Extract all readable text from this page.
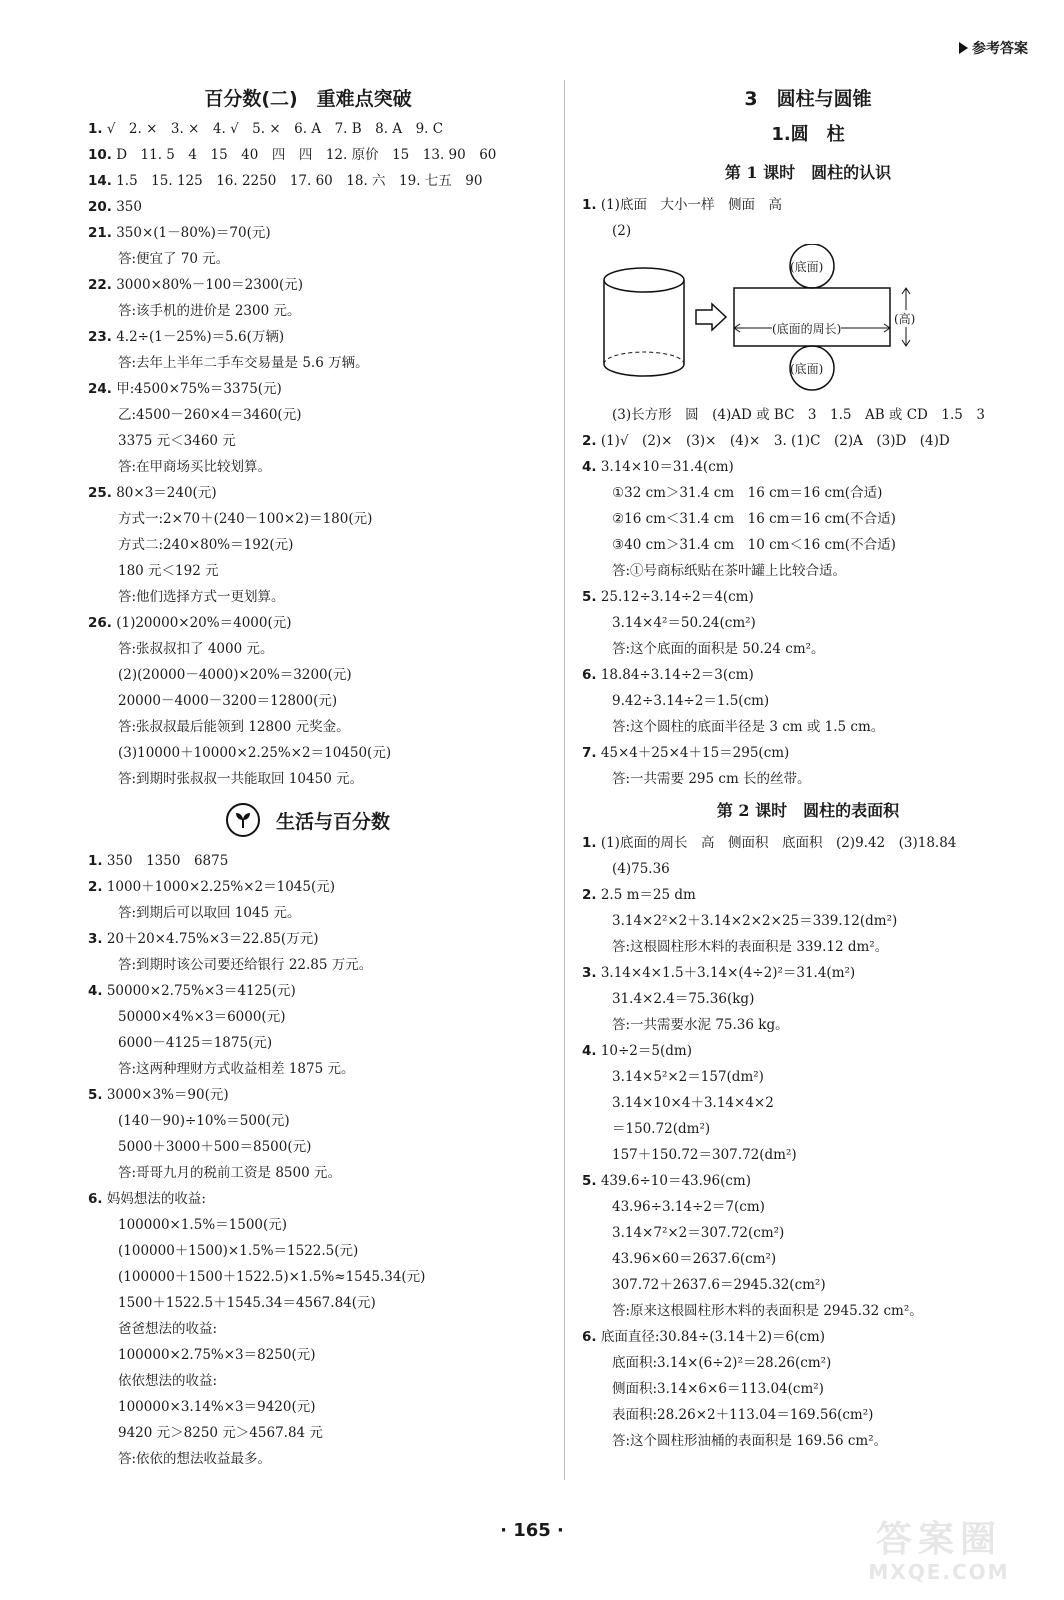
参考答案
百分数(二)　重难点突破
1. √　2. ×　3. ×　4. √　5. ×　6. A　7. B　8. A　9. C
10. D　11. 5　4　15　40　四　四　12. 原价　15　13. 90　60
14. 1.5　15. 125　16. 2250　17. 60　18. 六　19. 七五　90
20. 350
21. 350×(1－80%)＝70(元)
答:便宜了 70 元。
22. 3000×80%－100＝2300(元)
答:该手机的进价是 2300 元。
23. 4.2÷(1－25%)＝5.6(万辆)
答:去年上半年二手车交易量是 5.6 万辆。
24. 甲:4500×75%＝3375(元)
乙:4500－260×4＝3460(元)
3375 元＜3460 元
答:在甲商场买比较划算。
25. 80×3＝240(元)
方式一:2×70＋(240－100×2)＝180(元)
方式二:240×80%＝192(元)
180 元＜192 元
答:他们选择方式一更划算。
26. (1)20000×20%＝4000(元)
答:张叔叔扣了 4000 元。
(2)(20000－4000)×20%＝3200(元)
20000－4000－3200＝12800(元)
答:张叔叔最后能领到 12800 元奖金。
(3)10000＋10000×2.25%×2＝10450(元)
答:到期时张叔叔一共能取回 10450 元。
生活与百分数
1. 350　1350　6875
2. 1000＋1000×2.25%×2＝1045(元)
答:到期后可以取回 1045 元。
3. 20＋20×4.75%×3＝22.85(万元)
答:到期时该公司要还给银行 22.85 万元。
4. 50000×2.75%×3＝4125(元)
50000×4%×3＝6000(元)
6000－4125＝1875(元)
答:这两种理财方式收益相差 1875 元。
5. 3000×3%＝90(元)
(140－90)÷10%＝500(元)
5000＋3000＋500＝8500(元)
答:哥哥九月的税前工资是 8500 元。
6. 妈妈想法的收益:
100000×1.5%＝1500(元)
(100000＋1500)×1.5%＝1522.5(元)
(100000＋1500＋1522.5)×1.5%≈1545.34(元)
1500＋1522.5＋1545.34＝4567.84(元)
爸爸想法的收益:
100000×2.75%×3＝8250(元)
依依想法的收益:
100000×3.14%×3＝9420(元)
9420 元＞8250 元＞4567.84 元
答:依依的想法收益最多。
3　圆柱与圆锥
1.圆　柱
第 1 课时　圆柱的认识
1. (1)底面　大小一样　侧面　高
(2)
(底面)
(底面)
(高)
(底面的周长)
(3)长方形　圆　(4)AD 或 BC　3　1.5　AB 或 CD　1.5　3
2. (1)√　(2)×　(3)×　(4)×　3. (1)C　(2)A　(3)D　(4)D
4. 3.14×10＝31.4(cm)
①32 cm＞31.4 cm　16 cm＝16 cm(合适)
②16 cm＜31.4 cm　16 cm＝16 cm(不合适)
③40 cm＞31.4 cm　10 cm＜16 cm(不合适)
答:①号商标纸贴在茶叶罐上比较合适。
5. 25.12÷3.14÷2＝4(cm)
3.14×4²＝50.24(cm²)
答:这个底面的面积是 50.24 cm²。
6. 18.84÷3.14÷2＝3(cm)
9.42÷3.14÷2＝1.5(cm)
答:这个圆柱的底面半径是 3 cm 或 1.5 cm。
7. 45×4＋25×4＋15＝295(cm)
答:一共需要 295 cm 长的丝带。
第 2 课时　圆柱的表面积
1. (1)底面的周长　高　侧面积　底面积　(2)9.42　(3)18.84
(4)75.36
2. 2.5 m＝25 dm
3.14×2²×2＋3.14×2×2×25＝339.12(dm²)
答:这根圆柱形木料的表面积是 339.12 dm²。
3. 3.14×4×1.5＋3.14×(4÷2)²＝31.4(m²)
31.4×2.4＝75.36(kg)
答:一共需要水泥 75.36 kg。
4. 10÷2＝5(dm)
3.14×5²×2＝157(dm²)
3.14×10×4＋3.14×4×2
＝150.72(dm²)
157＋150.72＝307.72(dm²)
5. 439.6÷10＝43.96(cm)
43.96÷3.14÷2＝7(cm)
3.14×7²×2＝307.72(cm²)
43.96×60＝2637.6(cm²)
307.72＋2637.6＝2945.32(cm²)
答:原来这根圆柱形木料的表面积是 2945.32 cm²。
6. 底面直径:30.84÷(3.14＋2)＝6(cm)
底面积:3.14×(6÷2)²＝28.26(cm²)
侧面积:3.14×6×6＝113.04(cm²)
表面积:28.26×2＋113.04＝169.56(cm²)
答:这个圆柱形油桶的表面积是 169.56 cm²。
· 165 ·	答案圈
MXQE.COM
